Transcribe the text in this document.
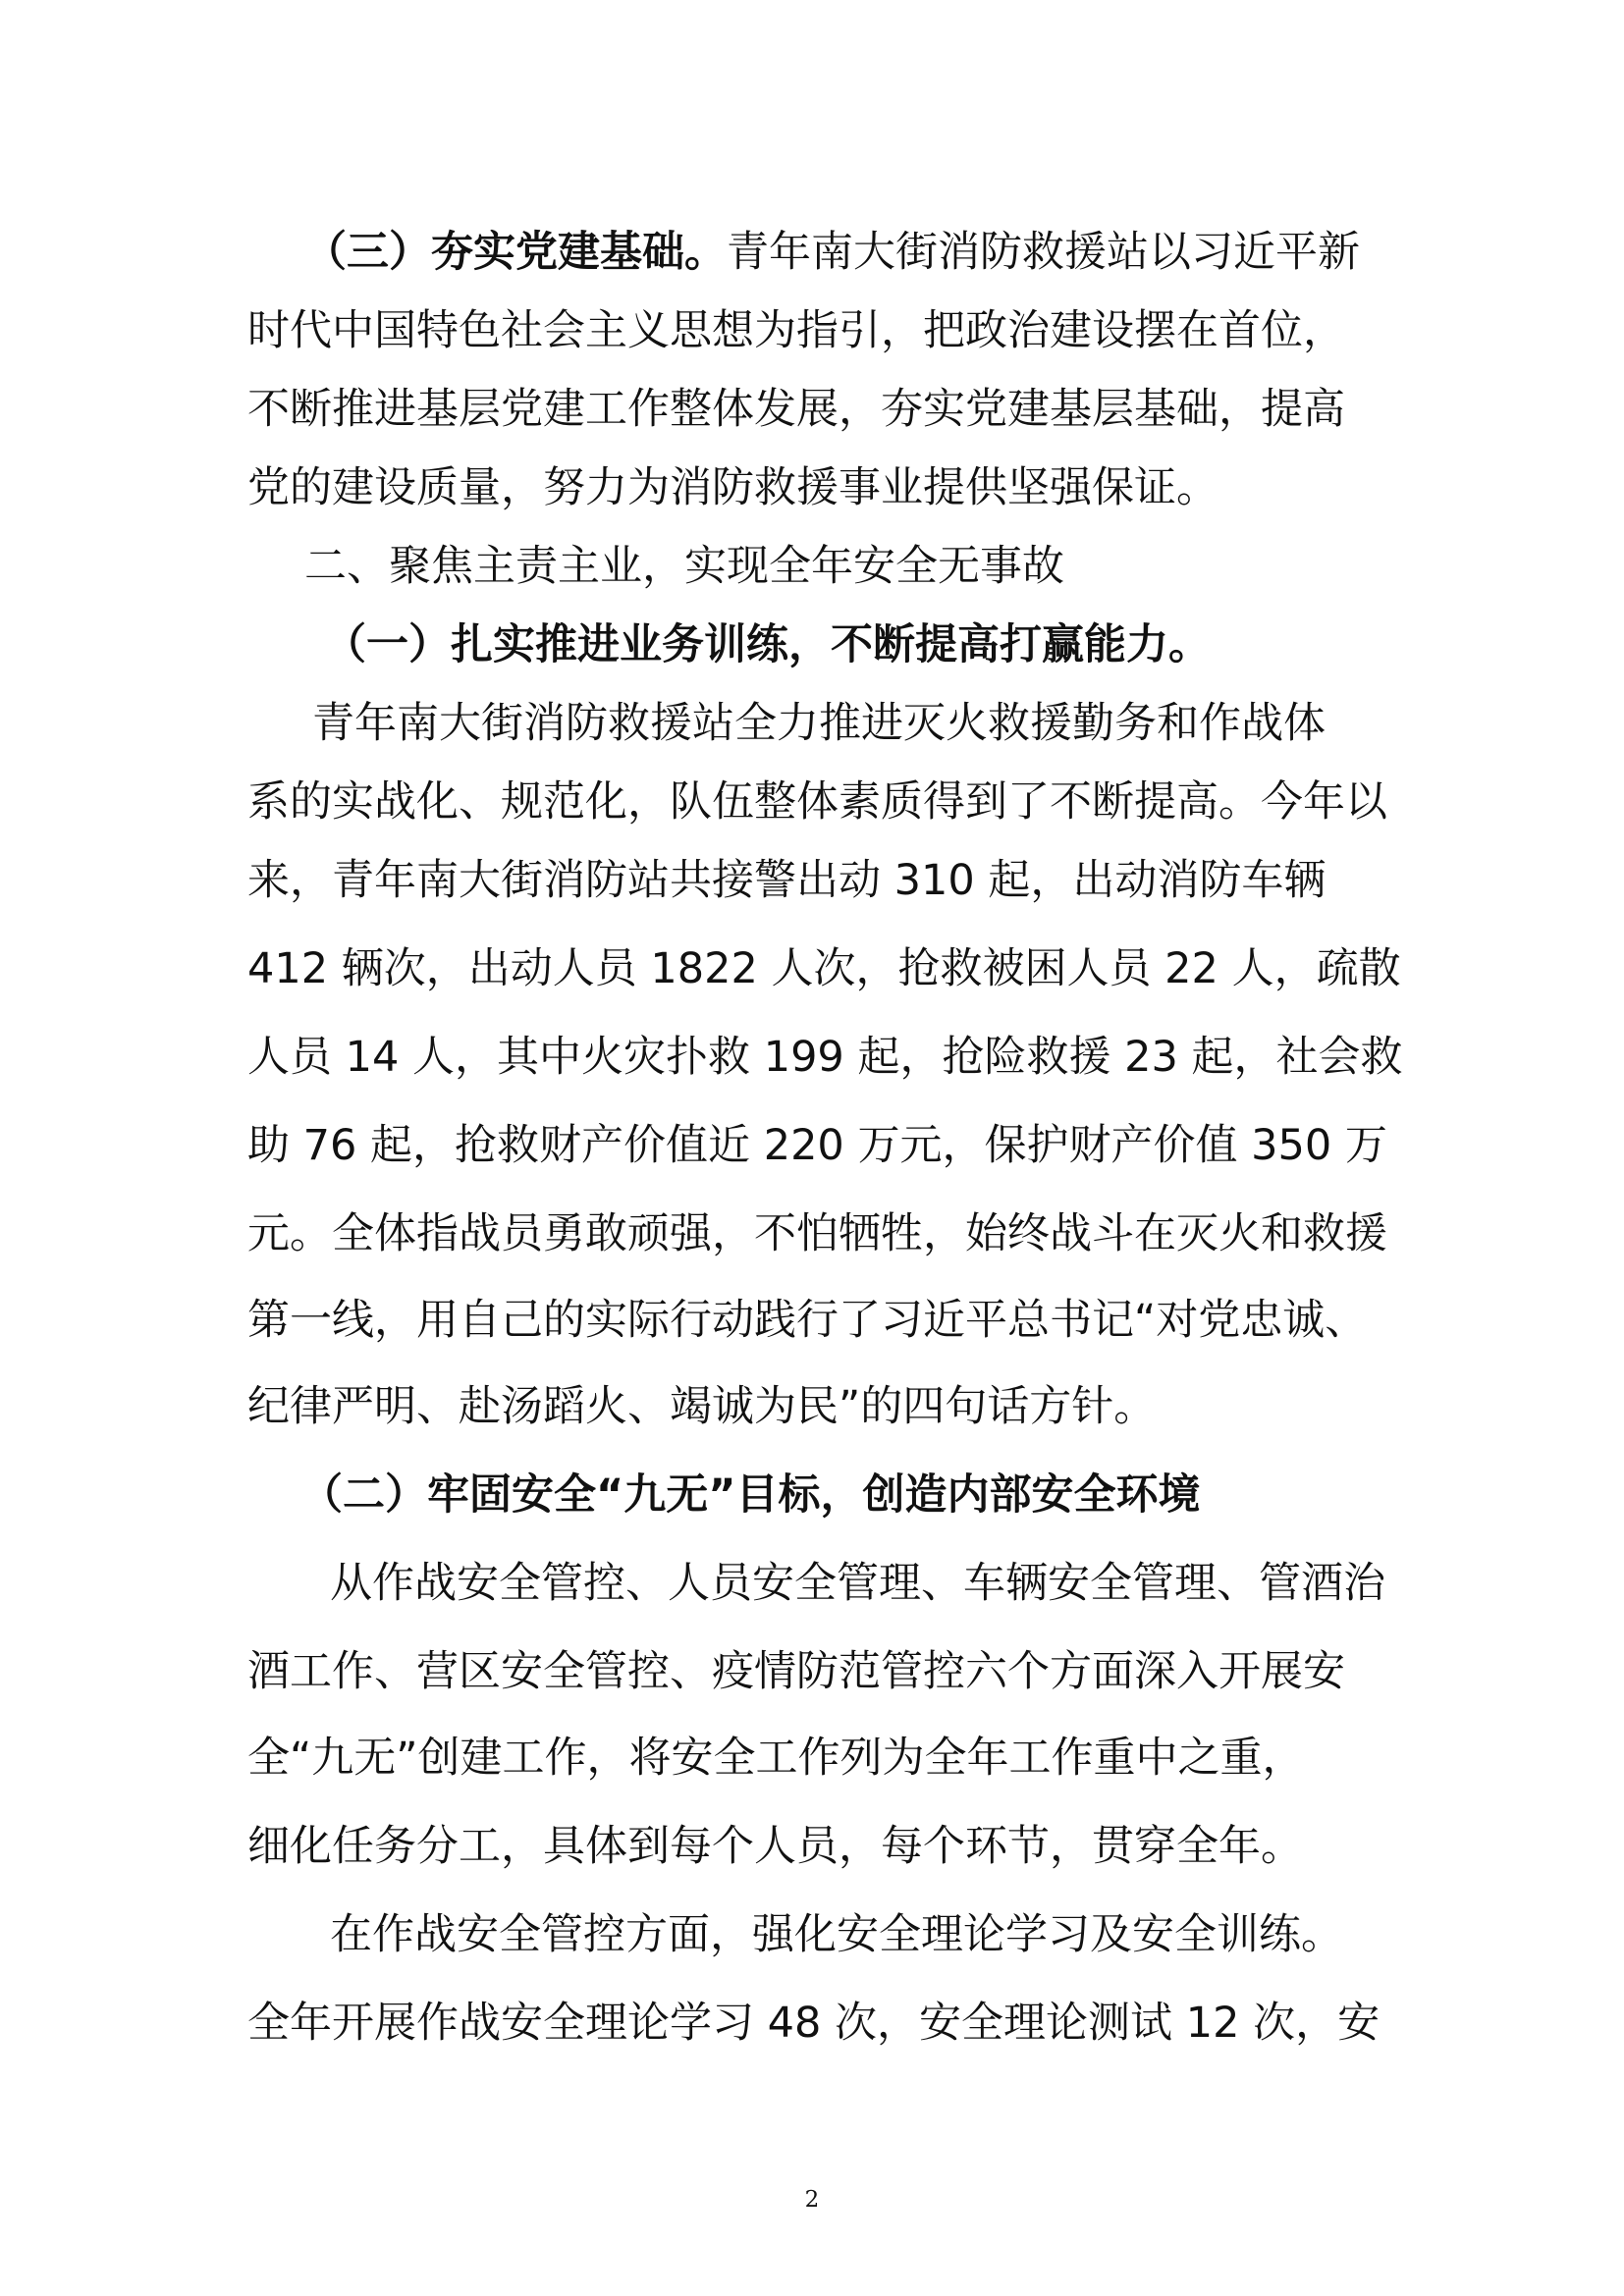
（三）夯实党建基础。青年南大街消防救援站以习近平新

时代中国特色社会主义思想为指引，把政治建设摆在首位，

不断推进基层党建工作整体发展，夯实党建基层基础，提高

党的建设质量，努力为消防救援事业提供坚强保证。

二、聚焦主责主业，实现全年安全无事故

（一）扎实推进业务训练，不断提高打赢能力。

青年南大街消防救援站全力推进灭火救援勤务和作战体

系的实战化、规范化，队伍整体素质得到了不断提高。今年以

来，青年南大街消防站共接警出动 310 起，出动消防车辆

412 辆次，出动人员 1822 人次，抢救被困人员 22 人，疏散

人员 14 人，其中火灾扑救 199 起，抢险救援 23 起，社会救

助 76 起，抢救财产价值近 220 万元，保护财产价值 350 万

元。全体指战员勇敢顽强，不怕牺牲，始终战斗在灭火和救援

第一线，用自己的实际行动践行了习近平总书记“对党忠诚、

纪律严明、赴汤蹈火、竭诚为民”的四句话方针。

（二）牢固安全“九无”目标，创造内部安全环境

从作战安全管控、人员安全管理、车辆安全管理、管酒治

酒工作、营区安全管控、疫情防范管控六个方面深入开展安

全“九无”创建工作，将安全工作列为全年工作重中之重，

细化任务分工，具体到每个人员，每个环节，贯穿全年。

在作战安全管控方面，强化安全理论学习及安全训练。

全年开展作战安全理论学习 48 次，安全理论测试 12 次，安

2
